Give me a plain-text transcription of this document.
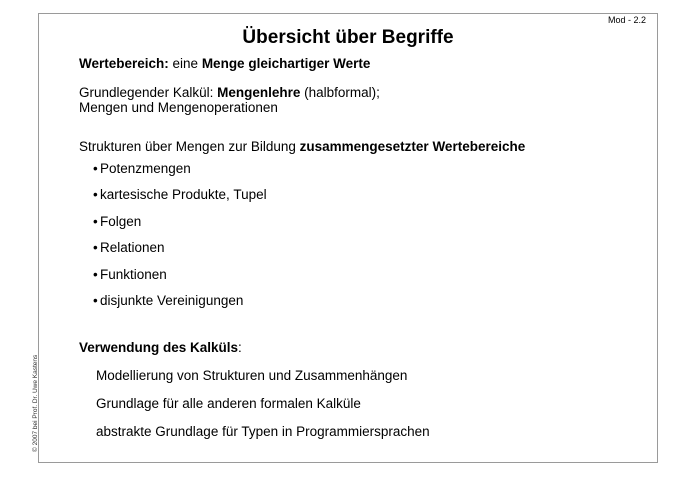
Mod - 2.2
© 2007 bei Prof. Dr. Uwe Kastens
Übersicht über Begriffe
Wertebereich: eine Menge gleichartiger Werte
Grundlegender Kalkül: Mengenlehre (halbformal);
Mengen und Mengenoperationen
Strukturen über Mengen zur Bildung zusammengesetzter Wertebereiche
• Potenzmengen
• kartesische Produkte, Tupel
• Folgen
• Relationen
• Funktionen
• disjunkte Vereinigungen
Verwendung des Kalküls:
Modellierung von Strukturen und Zusammenhängen
Grundlage für alle anderen formalen Kalküle
abstrakte Grundlage für Typen in Programmiersprachen
